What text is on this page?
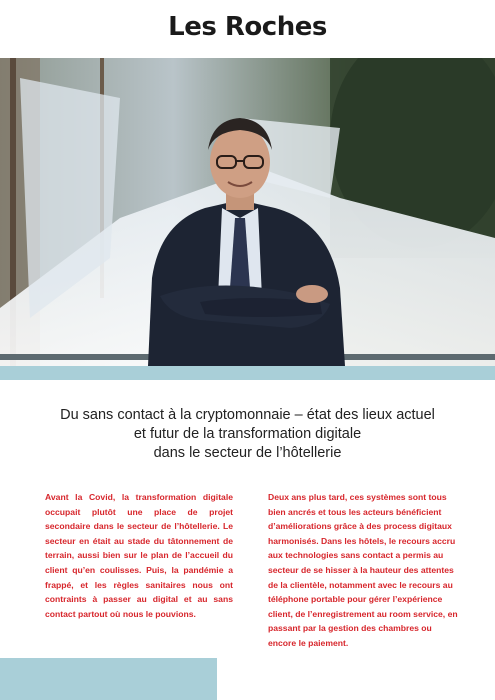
Les Roches
Du sans contact à la cryptomonnaie – état des lieux actuel
et futur de la transformation digitale
dans le secteur de l’hôtellerie
Avant la Covid, la transformation digitale occupait plutôt une place de projet secondaire dans le secteur de l’hôtellerie. Le secteur en était au stade du tâtonnement de terrain, aussi bien sur le plan de l’accueil du client qu’en coulisses. Puis, la pandémie a frappé, et les règles sanitaires nous ont contraints à passer au digital et au sans contact partout où nous le pouvions.
Deux ans plus tard, ces systèmes sont tous bien ancrés et tous les acteurs bénéficient d’améliorations grâce à des process digitaux harmonisés. Dans les hôtels, le recours accru aux technologies sans contact a permis au secteur de se hisser à la hauteur des attentes de la clientèle, notamment avec le recours au téléphone portable pour gérer l’expérience client, de l’enregistrement au room service, en passant par la gestion des chambres ou encore le paiement.
